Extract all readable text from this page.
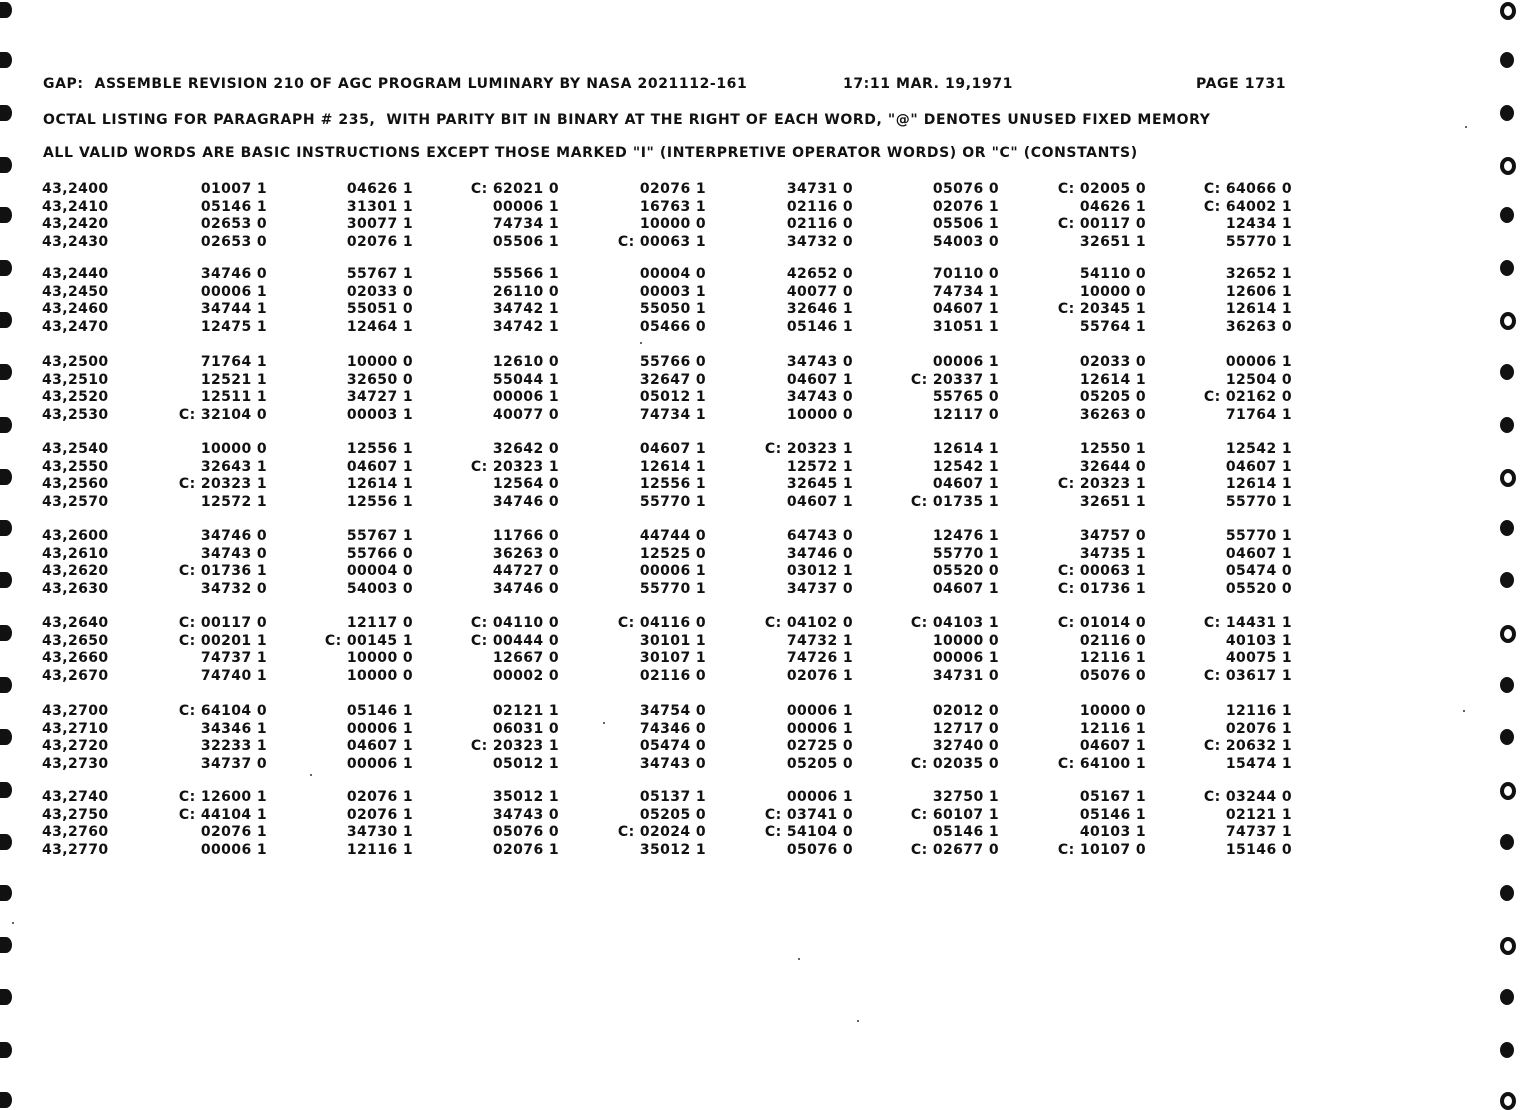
GAP:  ASSEMBLE REVISION 210 OF AGC PROGRAM LUMINARY BY NASA 2021112-161	17:11 MAR. 19,1971	PAGE 1731
OCTAL LISTING FOR PARAGRAPH # 235,  WITH PARITY BIT IN BINARY AT THE RIGHT OF EACH WORD, "@" DENOTES UNUSED FIXED MEMORY
ALL VALID WORDS ARE BASIC INSTRUCTIONS EXCEPT THOSE MARKED "I" (INTERPRETIVE OPERATOR WORDS) OR "C" (CONSTANTS)
43,2400	01007 1	04626 1	C: 62021 0	02076 1	34731 0	05076 0	C: 02005 0	C: 64066 0
43,2410	05146 1	31301 1	00006 1	16763 1	02116 0	02076 1	04626 1	C: 64002 1
43,2420	02653 0	30077 1	74734 1	10000 0	02116 0	05506 1	C: 00117 0	12434 1
43,2430	02653 0	02076 1	05506 1	C: 00063 1	34732 0	54003 0	32651 1	55770 1
43,2440	34746 0	55767 1	55566 1	00004 0	42652 0	70110 0	54110 0	32652 1
43,2450	00006 1	02033 0	26110 0	00003 1	40077 0	74734 1	10000 0	12606 1
43,2460	34744 1	55051 0	34742 1	55050 1	32646 1	04607 1	C: 20345 1	12614 1
43,2470	12475 1	12464 1	34742 1	05466 0	05146 1	31051 1	55764 1	36263 0
43,2500	71764 1	10000 0	12610 0	55766 0	34743 0	00006 1	02033 0	00006 1
43,2510	12521 1	32650 0	55044 1	32647 0	04607 1	C: 20337 1	12614 1	12504 0
43,2520	12511 1	34727 1	00006 1	05012 1	34743 0	55765 0	05205 0	C: 02162 0
43,2530	C: 32104 0	00003 1	40077 0	74734 1	10000 0	12117 0	36263 0	71764 1
43,2540	10000 0	12556 1	32642 0	04607 1	C: 20323 1	12614 1	12550 1	12542 1
43,2550	32643 1	04607 1	C: 20323 1	12614 1	12572 1	12542 1	32644 0	04607 1
43,2560	C: 20323 1	12614 1	12564 0	12556 1	32645 1	04607 1	C: 20323 1	12614 1
43,2570	12572 1	12556 1	34746 0	55770 1	04607 1	C: 01735 1	32651 1	55770 1
43,2600	34746 0	55767 1	11766 0	44744 0	64743 0	12476 1	34757 0	55770 1
43,2610	34743 0	55766 0	36263 0	12525 0	34746 0	55770 1	34735 1	04607 1
43,2620	C: 01736 1	00004 0	44727 0	00006 1	03012 1	05520 0	C: 00063 1	05474 0
43,2630	34732 0	54003 0	34746 0	55770 1	34737 0	04607 1	C: 01736 1	05520 0
43,2640	C: 00117 0	12117 0	C: 04110 0	C: 04116 0	C: 04102 0	C: 04103 1	C: 01014 0	C: 14431 1
43,2650	C: 00201 1	C: 00145 1	C: 00444 0	30101 1	74732 1	10000 0	02116 0	40103 1
43,2660	74737 1	10000 0	12667 0	30107 1	74726 1	00006 1	12116 1	40075 1
43,2670	74740 1	10000 0	00002 0	02116 0	02076 1	34731 0	05076 0	C: 03617 1
43,2700	C: 64104 0	05146 1	02121 1	34754 0	00006 1	02012 0	10000 0	12116 1
43,2710	34346 1	00006 1	06031 0	74346 0	00006 1	12717 0	12116 1	02076 1
43,2720	32233 1	04607 1	C: 20323 1	05474 0	02725 0	32740 0	04607 1	C: 20632 1
43,2730	34737 0	00006 1	05012 1	34743 0	05205 0	C: 02035 0	C: 64100 1	15474 1
43,2740	C: 12600 1	02076 1	35012 1	05137 1	00006 1	32750 1	05167 1	C: 03244 0
43,2750	C: 44104 1	02076 1	34743 0	05205 0	C: 03741 0	C: 60107 1	05146 1	02121 1
43,2760	02076 1	34730 1	05076 0	C: 02024 0	C: 54104 0	05146 1	40103 1	74737 1
43,2770	00006 1	12116 1	02076 1	35012 1	05076 0	C: 02677 0	C: 10107 0	15146 0
